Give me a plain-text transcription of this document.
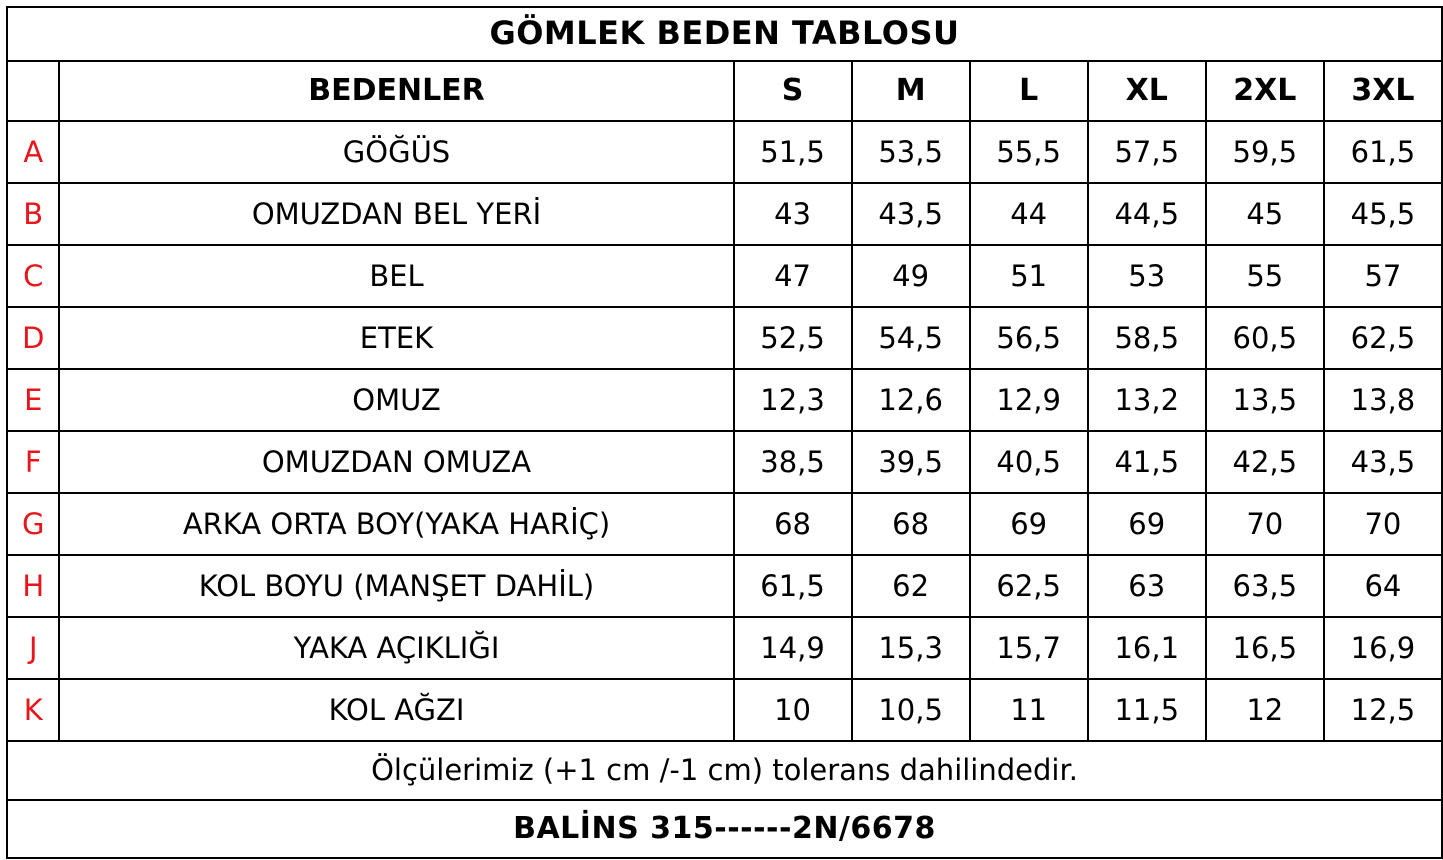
GÖMLEK BEDEN TABLOSU							
	BEDENLER	S	M	L	XL	2XL	3XL
A	GÖĞÜS	51,5	53,5	55,5	57,5	59,5	61,5
B	OMUZDAN BEL YERİ	43	43,5	44	44,5	45	45,5
C	BEL	47	49	51	53	55	57
D	ETEK	52,5	54,5	56,5	58,5	60,5	62,5
E	OMUZ	12,3	12,6	12,9	13,2	13,5	13,8
F	OMUZDAN OMUZA	38,5	39,5	40,5	41,5	42,5	43,5
G	ARKA ORTA BOY(YAKA HARİÇ)	68	68	69	69	70	70
H	KOL BOYU (MANŞET DAHİL)	61,5	62	62,5	63	63,5	64
J	YAKA AÇIKLIĞI	14,9	15,3	15,7	16,1	16,5	16,9
K	KOL AĞZI	10	10,5	11	11,5	12	12,5
Ölçülerimiz (+1 cm /-1 cm) tolerans dahilindedir.							
BALİNS 315------2N/6678							
